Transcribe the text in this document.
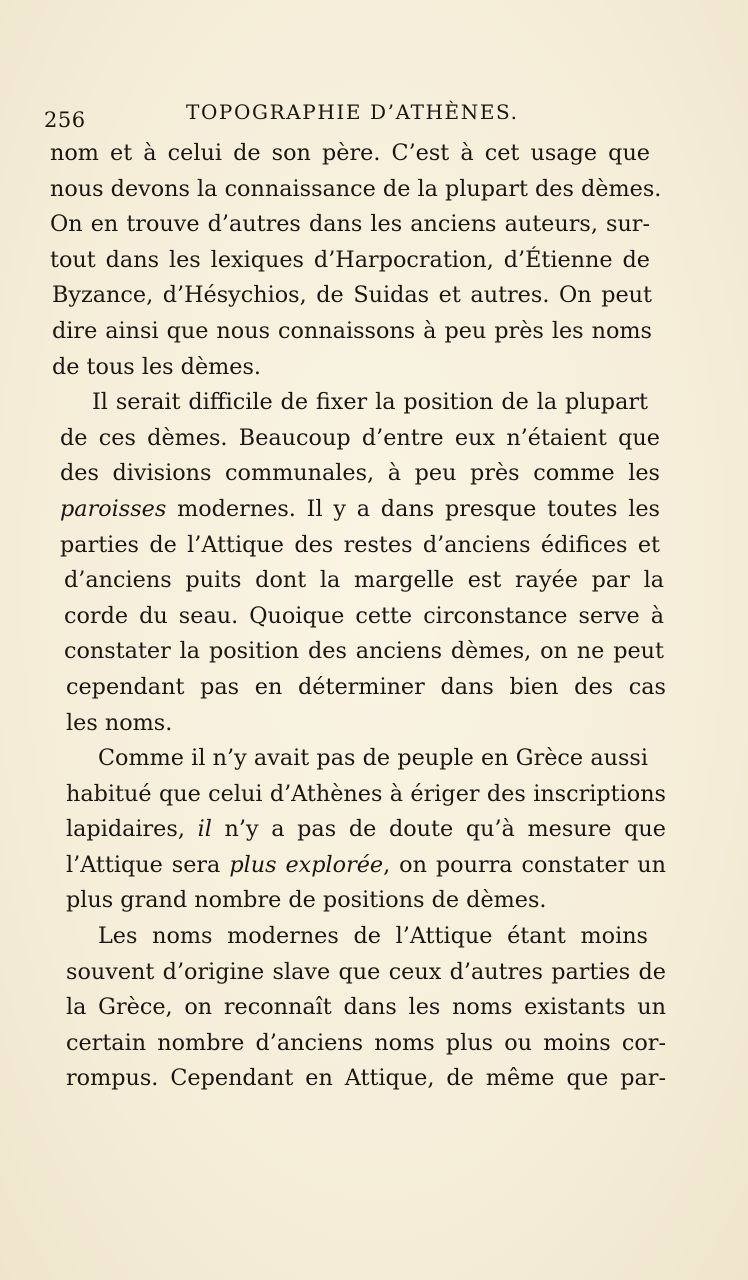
256	TOPOGRAPHIE D’ATHÈNES.
nom et à celui de son père. C’est à cet usage que
nous devons la connaissance de la plupart des dèmes.
On en trouve d’autres dans les anciens auteurs, sur-
tout dans les lexiques d’Harpocration, d’Étienne de
Byzance, d’Hésychios, de Suidas et autres. On peut
dire ainsi que nous connaissons à peu près les noms
de tous les dèmes.
Il serait difficile de fixer la position de la plupart
de ces dèmes. Beaucoup d’entre eux n’étaient que
des divisions communales, à peu près comme les
paroisses modernes. Il y a dans presque toutes les
parties de l’Attique des restes d’anciens édifices et
d’anciens puits dont la margelle est rayée par la
corde du seau. Quoique cette circonstance serve à
constater la position des anciens dèmes, on ne peut
cependant pas en déterminer dans bien des cas
les noms.
Comme il n’y avait pas de peuple en Grèce aussi
habitué que celui d’Athènes à ériger des inscriptions
lapidaires, il n’y a pas de doute qu’à mesure que
l’Attique sera plus explorée, on pourra constater un
plus grand nombre de positions de dèmes.
Les noms modernes de l’Attique étant moins
souvent d’origine slave que ceux d’autres parties de
la Grèce, on reconnaît dans les noms existants un
certain nombre d’anciens noms plus ou moins cor-
rompus. Cependant en Attique, de même que par-
